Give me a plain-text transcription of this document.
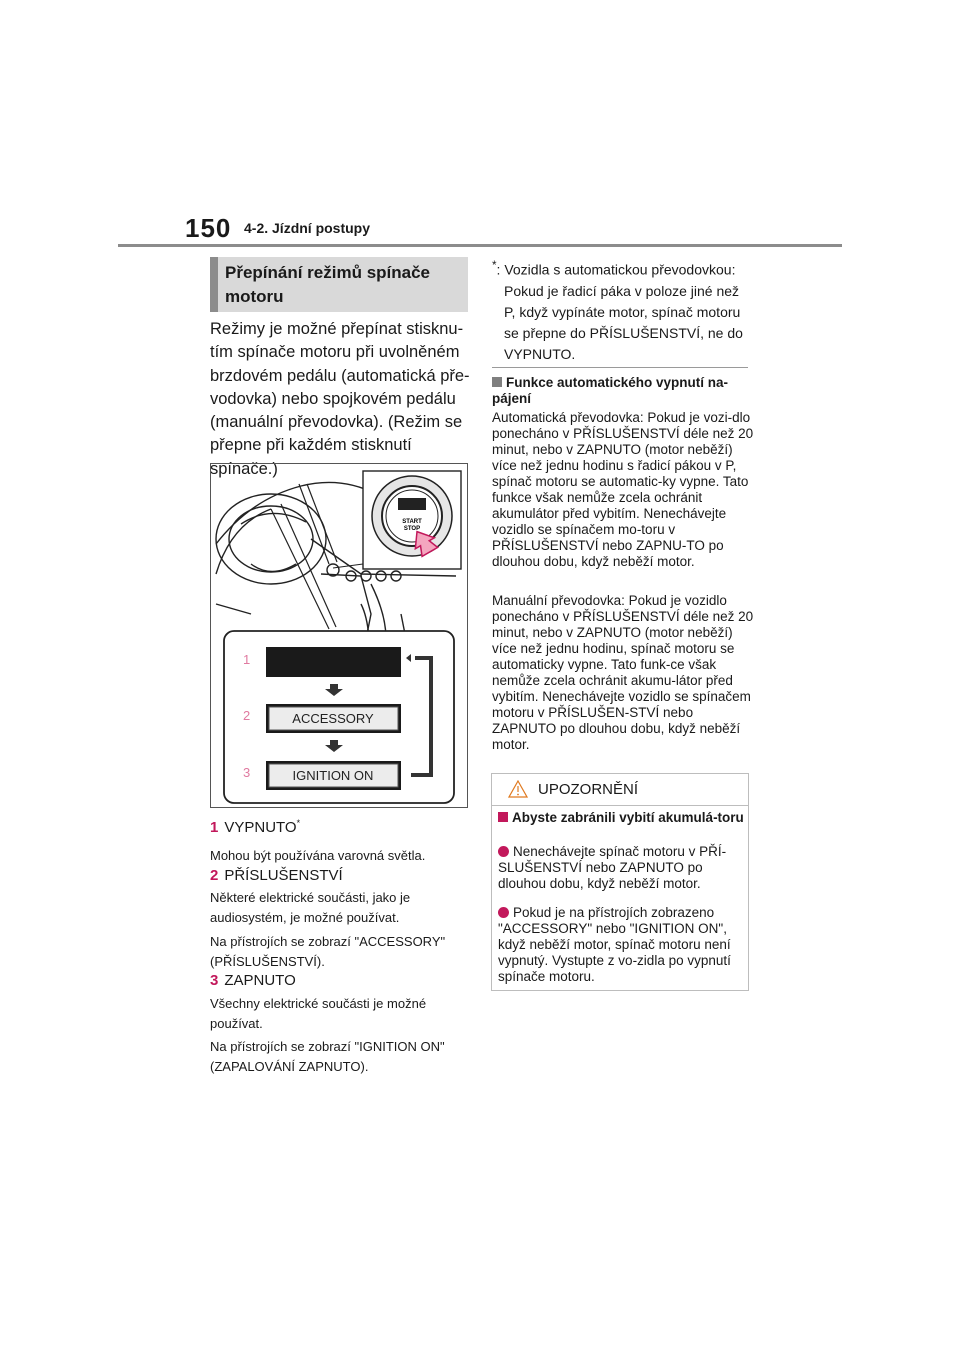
150 4-2. Jízdní postupy
Přepínání režimů spínače motoru
Režimy je možné přepínat stisknu-tím spínače motoru při uvolněném brzdovém pedálu (automatická pře-vodovka) nebo spojkovém pedálu (manuální převodovka). (Režim se přepne při každém stisknutí spínače.)
START
STOP
1
2	ACCESSORY
3	IGNITION ON
1 VYPNUTO*
Mohou být používána varovná světla.
2 PŘÍSLUŠENSTVÍ
Některé elektrické součásti, jako je audiosystém, je možné používat.
Na přístrojích se zobrazí "ACCESSORY" (PŘÍSLUŠENSTVÍ).
3 ZAPNUTO
Všechny elektrické součásti je možné používat.
Na přístrojích se zobrazí "IGNITION ON" (ZAPALOVÁNÍ ZAPNUTO).
*: Vozidla s automatickou převodovkou:
Pokud je řadicí páka v poloze jiné než P, když vypínáte motor, spínač motoru se přepne do PŘÍSLUŠENSTVÍ, ne do VYPNUTO.
Funkce automatického vypnutí na-pájení
Automatická převodovka: Pokud je vozi-dlo ponecháno v PŘÍSLUŠENSTVÍ déle než 20 minut, nebo v ZAPNUTO (motor neběží) více než jednu hodinu s řadicí pákou v P, spínač motoru se automatic-ky vypne. Tato funkce však nemůže zcela ochránit akumulátor před vybitím. Nenechávejte vozidlo se spínačem mo-toru v PŘÍSLUŠENSTVÍ nebo ZAPNU-TO po dlouhou dobu, když neběží motor.
Manuální převodovka: Pokud je vozidlo ponecháno v PŘÍSLUŠENSTVÍ déle než 20 minut, nebo v ZAPNUTO (motor neběží) více než jednu hodinu, spínač motoru se automaticky vypne. Tato funk-ce však nemůže zcela ochránit akumu-látor před vybitím. Nenechávejte vozidlo se spínačem motoru v PŘÍSLUŠEN-STVÍ nebo ZAPNUTO po dlouhou dobu, když neběží motor.
UPOZORNĚNÍ
Abyste zabránili vybití akumulá-toru
Nenechávejte spínač motoru v PŘÍ-SLUŠENSTVÍ nebo ZAPNUTO po dlouhou dobu, když neběží motor.
Pokud je na přístrojích zobrazeno "ACCESSORY" nebo "IGNITION ON", když neběží motor, spínač motoru není vypnutý. Vystupte z vo-zidla po vypnutí spínače motoru.
